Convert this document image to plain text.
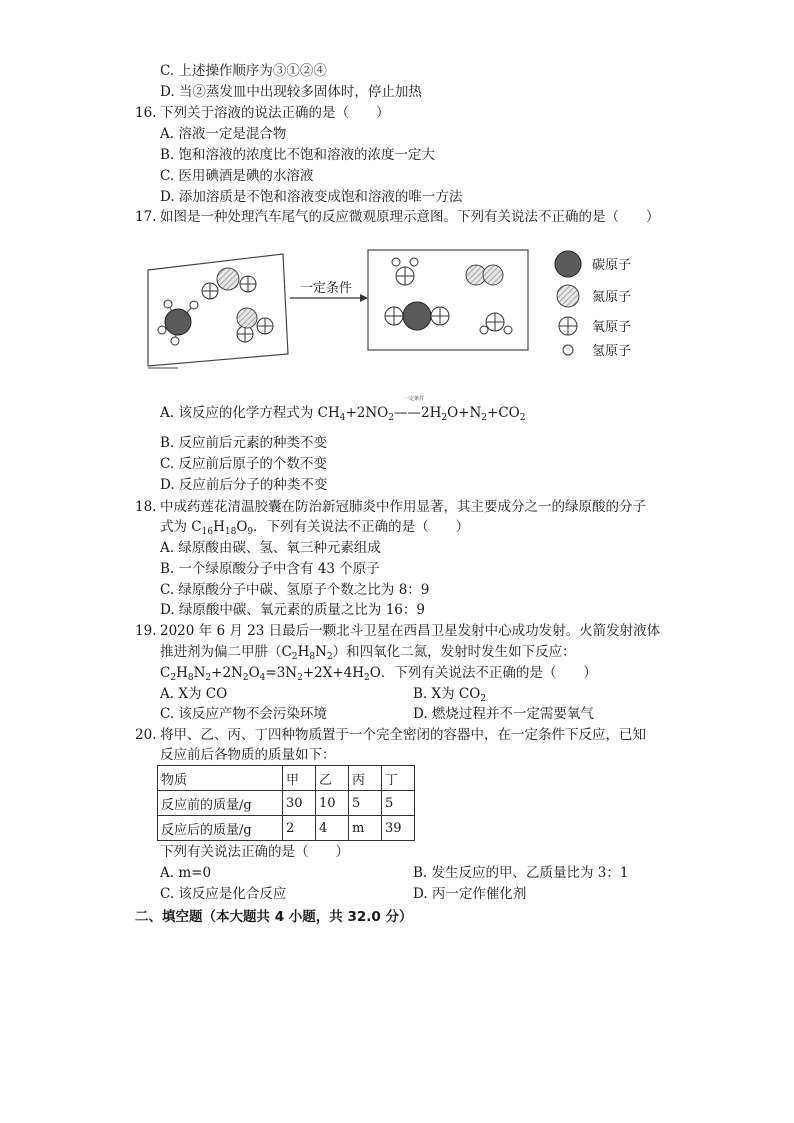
C. 上述操作顺序为③①②④
D. 当②蒸发皿中出现较多固体时，停止加热
16. 下列关于溶液的说法正确的是（　　）
A. 溶液一定是混合物
B. 饱和溶液的浓度比不饱和溶液的浓度一定大
C. 医用碘酒是碘的水溶液
D. 添加溶质是不饱和溶液变成饱和溶液的唯一方法
17. 如图是一种处理汽车尾气的反应微观原理示意图。下列有关说法不正确的是（　　）
一定条件
碳原子
氮原子
氧原子
氢原子
一定条件
A. 该反应的化学方程式为 $CH_4+2NO_2——2H_2O+N_2+CO_2$
B. 反应前后元素的种类不变
C. 反应前后原子的个数不变
D. 反应前后分子的种类不变
18. 中成药莲花清温胶囊在防治新冠肺炎中作用显著，其主要成分之一的绿原酸的分子
式为 $C_{16}H_{18}O_9$．下列有关说法不正确的是（　　）
A. 绿原酸由碳、氢、氧三种元素组成
B. 一个绿原酸分子中含有 43 个原子
C. 绿原酸分子中碳、氢原子个数之比为 8：9
D. 绿原酸中碳、氧元素的质量之比为 16：9
19. 2020 年 6 月 23 日最后一颗北斗卫星在西昌卫星发射中心成功发射。火箭发射液体
推进剂为偏二甲肼$(C_2H_8N_2)$和四氧化二氮，发射时发生如下反应：
$C_2H_8N_2+2N_2O_4=3N_2+2X+4H_2O$．下列有关说法不正确的是（　　）
A. X为 CO	B. X为 $CO_2$
C. 该反应产物不会污染环境	D. 燃烧过程并不一定需要氧气
20. 将甲、乙、丙、丁四种物质置于一个完全密闭的容器中，在一定条件下反应，已知
反应前后各物质的质量如下：
物质	甲	乙	丙	丁
反应前的质量/g	30	10	5	5
反应后的质量/g	2	4	m	39
下列有关说法正确的是（　　）
A. m=0	B. 发生反应的甲、乙质量比为 3：1
C. 该反应是化合反应	D. 丙一定作催化剂
二、填空题（本大题共 4 小题，共 32.0 分）
